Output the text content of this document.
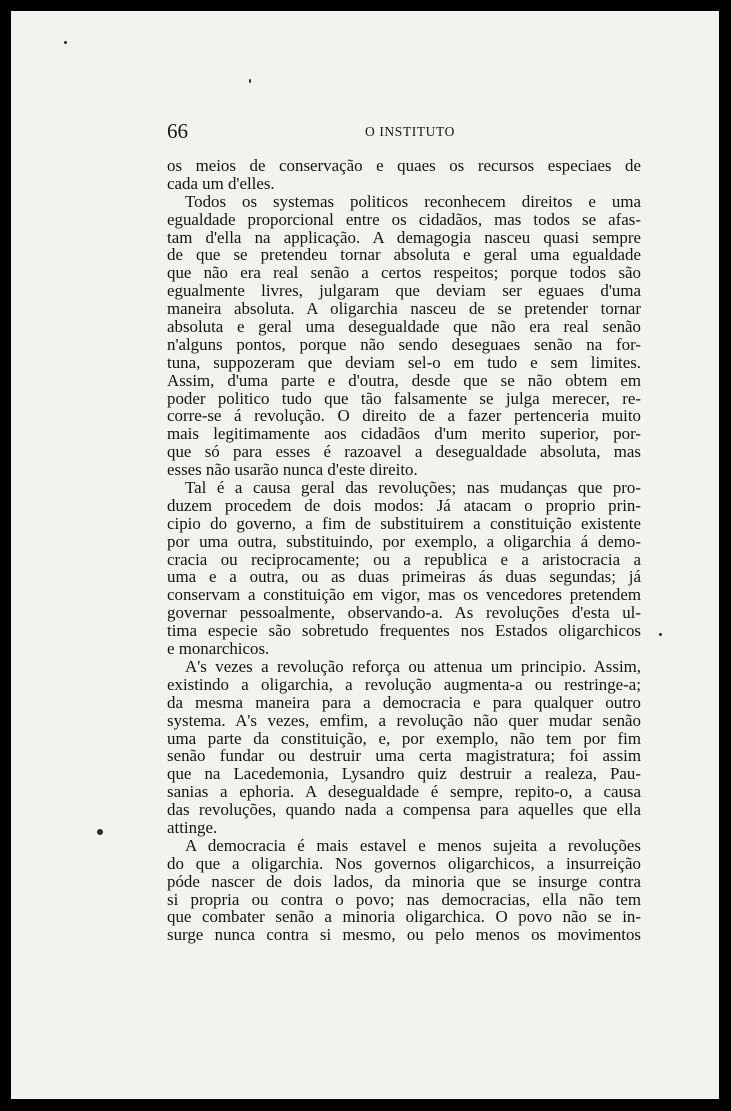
66	O INSTITUTO
os meios de conservação e quaes os recursos especiaes de
cada um d'elles.
Todos os systemas politicos reconhecem direitos e uma
egualdade proporcional entre os cidadãos, mas todos se afas-
tam d'ella na applicação. A demagogia nasceu quasi sempre
de que se pretendeu tornar absoluta e geral uma egualdade
que não era real senão a certos respeitos; porque todos são
egualmente livres, julgaram que deviam ser eguaes d'uma
maneira absoluta. A oligarchia nasceu de se pretender tornar
absoluta e geral uma desegualdade que não era real senão
n'alguns pontos, porque não sendo deseguaes senão na for-
tuna, suppozeram que deviam sel-o em tudo e sem limites.
Assim, d'uma parte e d'outra, desde que se não obtem em
poder politico tudo que tão falsamente se julga merecer, re-
corre-se á revolução. O direito de a fazer pertenceria muito
mais legitimamente aos cidadãos d'um merito superior, por-
que só para esses é razoavel a desegualdade absoluta, mas
esses não usarão nunca d'este direito.
Tal é a causa geral das revoluções; nas mudanças que pro-
duzem procedem de dois modos: Já atacam o proprio prin-
cipio do governo, a fim de substituirem a constituição existente
por uma outra, substituindo, por exemplo, a oligarchia á demo-
cracia ou reciprocamente; ou a republica e a aristocracia a
uma e a outra, ou as duas primeiras ás duas segundas; já
conservam a constituição em vigor, mas os vencedores pretendem
governar pessoalmente, observando-a. As revoluções d'esta ul-
tima especie são sobretudo frequentes nos Estados oligarchicos
e monarchicos.
A's vezes a revolução reforça ou attenua um principio. Assim,
existindo a oligarchia, a revolução augmenta-a ou restringe-a;
da mesma maneira para a democracia e para qualquer outro
systema. A's vezes, emfim, a revolução não quer mudar senão
uma parte da constituição, e, por exemplo, não tem por fim
senão fundar ou destruir uma certa magistratura; foi assim
que na Lacedemonia, Lysandro quiz destruir a realeza, Pau-
sanias a ephoria. A desegualdade é sempre, repito-o, a causa
das revoluções, quando nada a compensa para aquelles que ella
attinge.
A democracia é mais estavel e menos sujeita a revoluções
do que a oligarchia. Nos governos oligarchicos, a insurreição
póde nascer de dois lados, da minoria que se insurge contra
si propria ou contra o povo; nas democracias, ella não tem
que combater senão a minoria oligarchica. O povo não se in-
surge nunca contra si mesmo, ou pelo menos os movimentos
